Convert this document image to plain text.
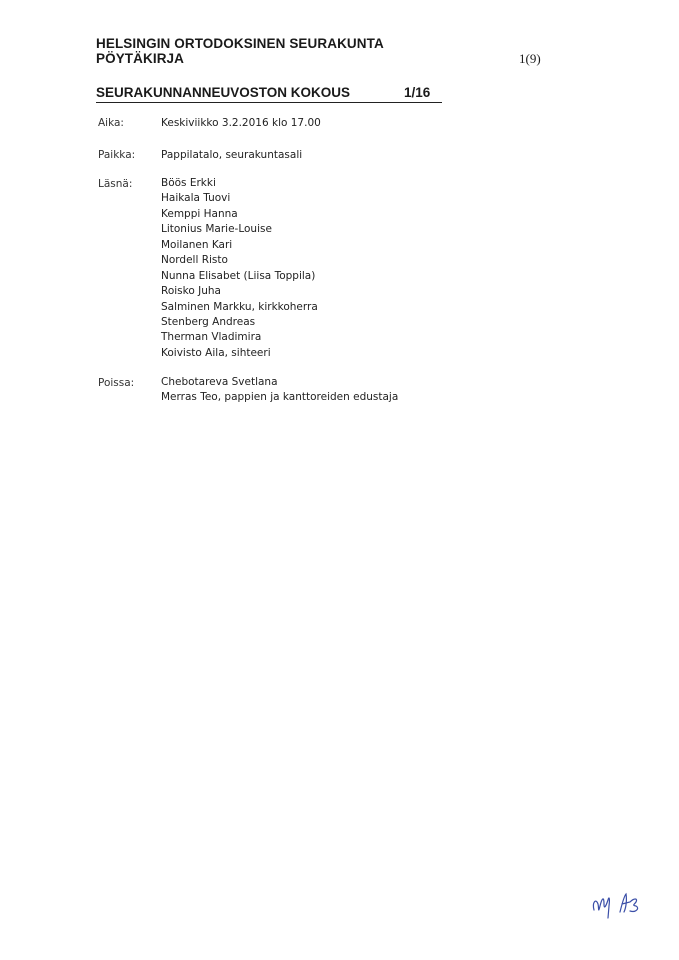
HELSINGIN ORTODOKSINEN SEURAKUNTA
PÖYTÄKIRJA	1(9)
SEURAKUNNANNEUVOSTON KOKOUS	1/16
Aika:	Keskiviikko 3.2.2016 klo 17.00
Paikka: Pappilatalo, seurakuntasali
Läsnä:	Böös Erkki
Haikala Tuovi
Kemppi Hanna
Litonius Marie-Louise
Moilanen Kari
Nordell Risto
Nunna Elisabet (Liisa Toppila)
Roisko Juha
Salminen Markku, kirkkoherra
Stenberg Andreas
Therman Vladimira
Koivisto Aila, sihteeri
Poissa:	Chebotareva Svetlana
Merras Teo, pappien ja kanttoreiden edustaja
